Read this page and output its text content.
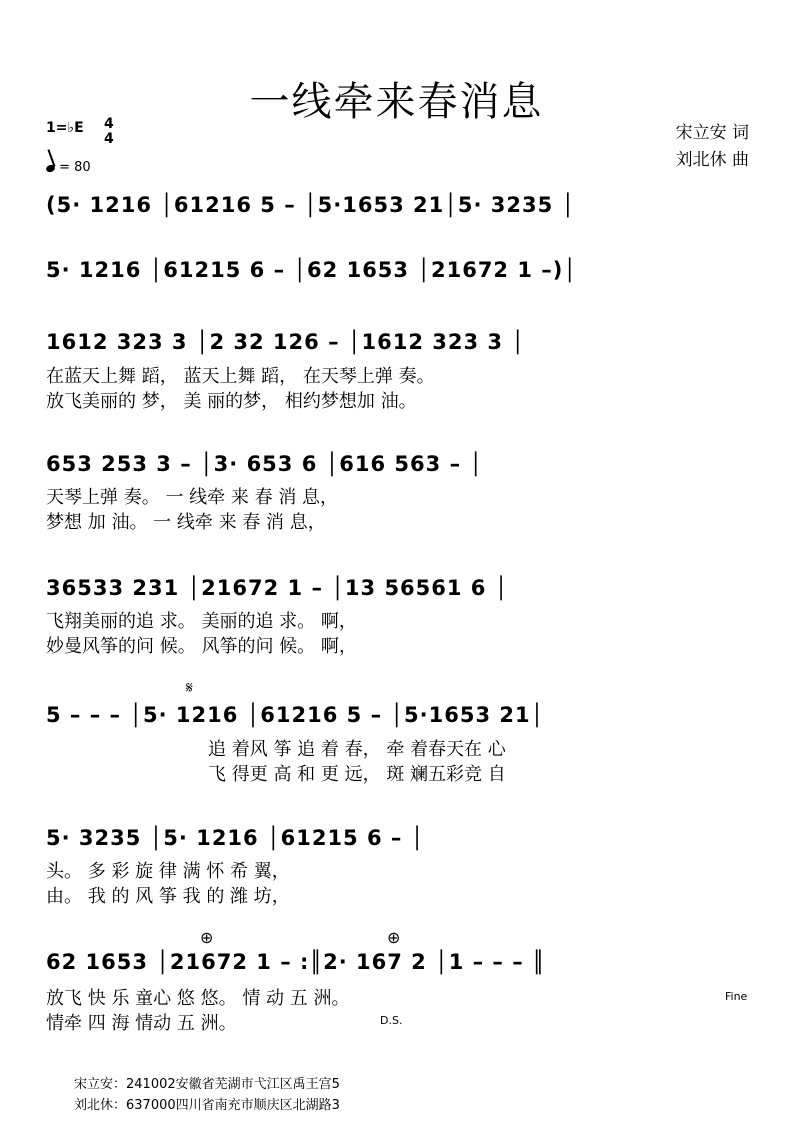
一线牵来春消息
1=♭E 4
4
= 80
宋立安 词
刘北休 曲
(5· 1216 │61216 5 – │5·1653 21│5· 3235 │
5· 1216 │61215 6 – │62 1653 │21672 1 –)│
1612 323 3 │2 32 126 – │1612 323 3 │
在蓝天上舞 蹈， 蓝天上舞 蹈， 在天琴上弹 奏。
放飞美丽的 梦， 美 丽的梦， 相约梦想加 油。
653 253 3 – │3· 653 6 │616 563 – │
天琴上弹 奏。 一 线牵 来 春 消 息，
梦想 加 油。 一 线牵 来 春 消 息，
36533 231 │21672 1 – │13 56561 6 │
飞翔美丽的追 求。 美丽的追 求。 啊，
妙曼风筝的问 候。 风筝的问 候。 啊，
𝄋
5 – – – │5· 1216 │61216 5 – │5·1653 21│
追 着风 筝 追 着 春， 牵 着春天在 心
飞 得更 高 和 更 远， 斑 斓五彩竞 自
5· 3235 │5· 1216 │61215 6 – │
头。 多 彩 旋 律 满 怀 希 翼，
由。 我 的 风 筝 我 的 潍 坊，
⊕	⊕
62 1653 │21672 1 – :║2· 167 2 │1 – – – ║
放飞 快 乐 童心 悠 悠。 情 动 五 洲。
情牵 四 海 情动 五 洲。
Fine
D.S.
宋立安：241002安徽省芜湖市弋江区禹王宫5
刘北休：637000四川省南充市顺庆区北湖路3
